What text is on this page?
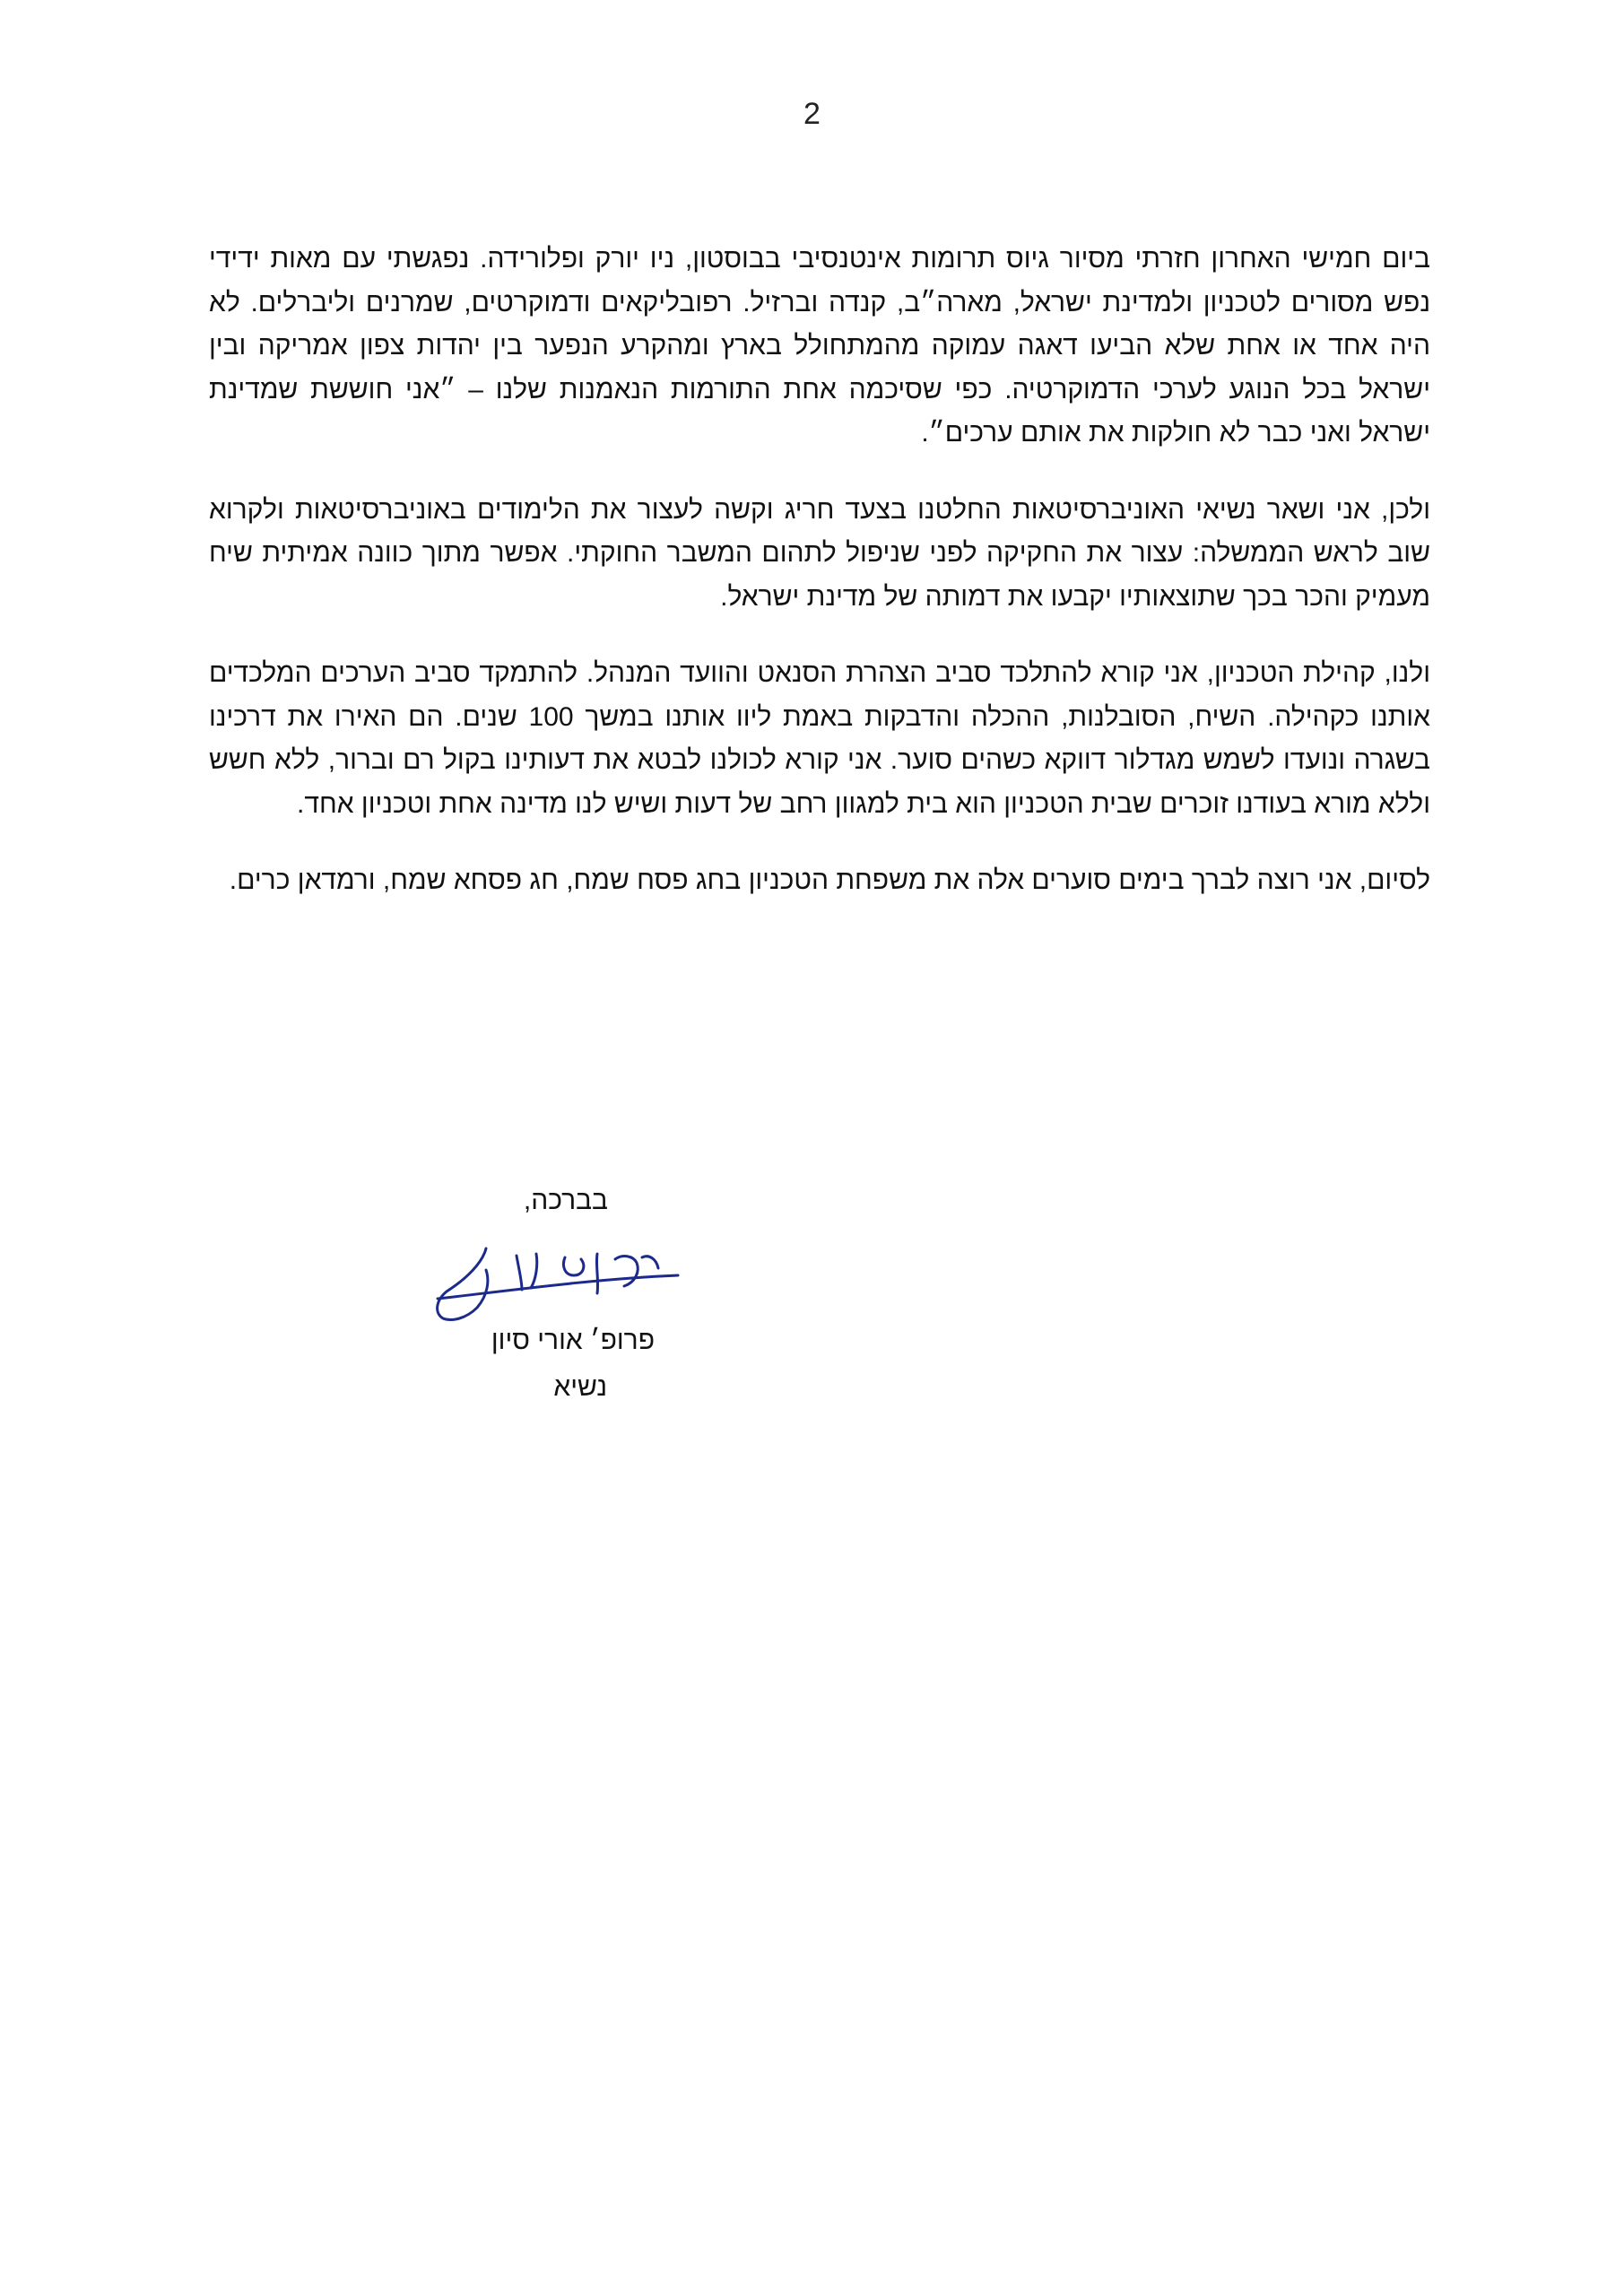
2

ביום חמישי האחרון חזרתי מסיור גיוס תרומות אינטנסיבי בבוסטון, ניו יורק ופלורידה. נפגשתי עם מאות ידידי נפש מסורים לטכניון ולמדינת ישראל, מארה״ב, קנדה וברזיל. רפובליקאים ודמוקרטים, שמרנים וליברלים. לא היה אחד או אחת שלא הביעו דאגה עמוקה מהמתחולל בארץ ומהקרע הנפער בין יהדות צפון אמריקה ובין ישראל בכל הנוגע לערכי הדמוקרטיה. כפי שסיכמה אחת התורמות הנאמנות שלנו – ״אני חוששת שמדינת ישראל ואני כבר לא חולקות את אותם ערכים״.

ולכן, אני ושאר נשיאי האוניברסיטאות החלטנו בצעד חריג וקשה לעצור את הלימודים באוניברסיטאות ולקרוא שוב לראש הממשלה: עצור את החקיקה לפני שניפול לתהום המשבר החוקתי. אפשר מתוך כוונה אמיתית שיח מעמיק והכר בכך שתוצאותיו יקבעו את דמותה של מדינת ישראל.

ולנו, קהילת הטכניון, אני קורא להתלכד סביב הצהרת הסנאט והוועד המנהל. להתמקד סביב הערכים המלכדים אותנו כקהילה. השיח, הסובלנות, ההכלה והדבקות באמת ליוו אותנו במשך 100 שנים. הם האירו את דרכינו בשגרה ונועדו לשמש מגדלור דווקא כשהים סוער. אני קורא לכולנו לבטא את דעותינו בקול רם וברור, ללא חשש וללא מורא בעודנו זוכרים שבית הטכניון הוא בית למגוון רחב של דעות ושיש לנו מדינה אחת וטכניון אחד.

לסיום, אני רוצה לברך בימים סוערים אלה את משפחת הטכניון בחג פסח שמח, חג פסחא שמח, ורמדאן כרים.

בברכה,
פרופ׳ אורי סיון
נשיא
